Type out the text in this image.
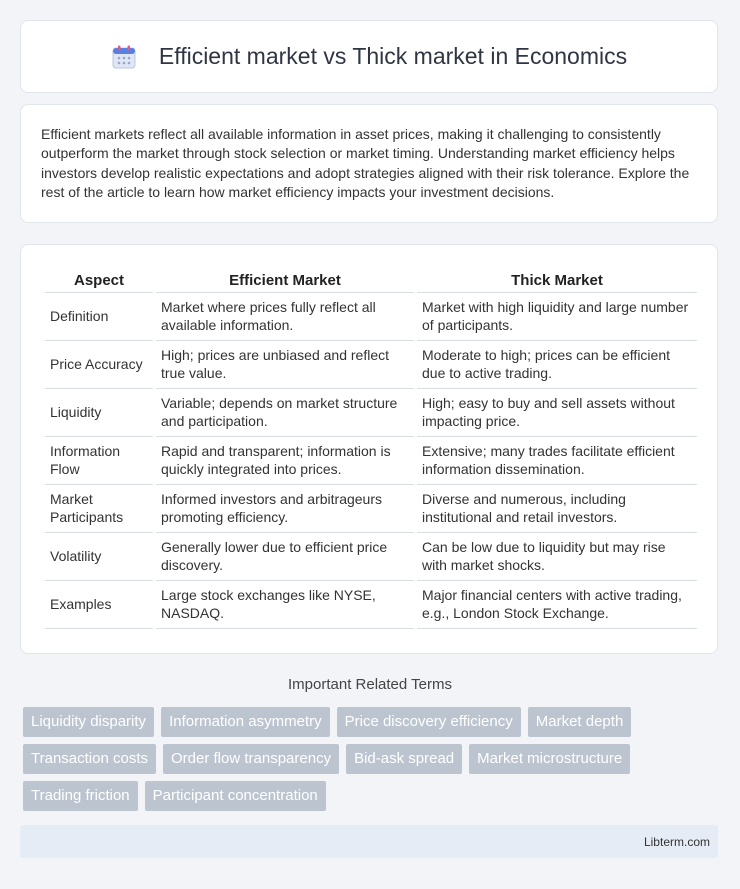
Efficient market vs Thick market in Economics

Efficient markets reflect all available information in asset prices, making it challenging to consistently outperform the market through stock selection or market timing. Understanding market efficiency helps investors develop realistic expectations and adopt strategies aligned with their risk tolerance. Explore the rest of the article to learn how market efficiency impacts your investment decisions.

Aspect	Efficient Market	Thick Market
Definition	Market where prices fully reflect all available information.	Market with high liquidity and large number of participants.
Price Accuracy	High; prices are unbiased and reflect true value.	Moderate to high; prices can be efficient due to active trading.
Liquidity	Variable; depends on market structure and participation.	High; easy to buy and sell assets without impacting price.
Information Flow	Rapid and transparent; information is quickly integrated into prices.	Extensive; many trades facilitate efficient information dissemination.
Market Participants	Informed investors and arbitrageurs promoting efficiency.	Diverse and numerous, including institutional and retail investors.
Volatility	Generally lower due to efficient price discovery.	Can be low due to liquidity but may rise with market shocks.
Examples	Large stock exchanges like NYSE, NASDAQ.	Major financial centers with active trading, e.g., London Stock Exchange.
Important Related Terms
Liquidity disparity	Information asymmetry	Price discovery efficiency	Market depth
Transaction costs	Order flow transparency	Bid-ask spread	Market microstructure
Trading friction	Participant concentration
Libterm.com
